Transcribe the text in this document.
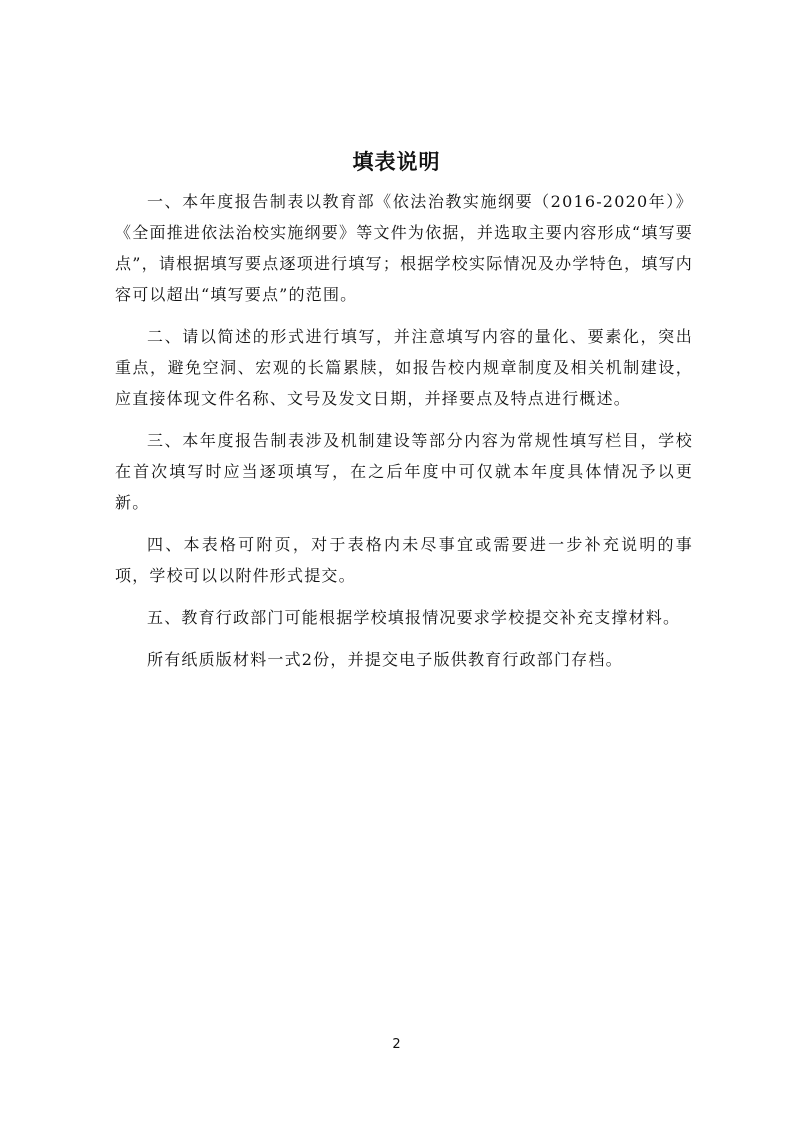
填表说明

一、本年度报告制表以教育部《依法治教实施纲要（2016-2020年）》《全面推进依法治校实施纲要》等文件为依据，并选取主要内容形成“填写要点”，请根据填写要点逐项进行填写；根据学校实际情况及办学特色，填写内容可以超出“填写要点”的范围。

二、请以简述的形式进行填写，并注意填写内容的量化、要素化，突出重点，避免空洞、宏观的长篇累牍，如报告校内规章制度及相关机制建设，应直接体现文件名称、文号及发文日期，并择要点及特点进行概述。

三、本年度报告制表涉及机制建设等部分内容为常规性填写栏目，学校在首次填写时应当逐项填写，在之后年度中可仅就本年度具体情况予以更新。

四、本表格可附页，对于表格内未尽事宜或需要进一步补充说明的事项，学校可以以附件形式提交。

五、教育行政部门可能根据学校填报情况要求学校提交补充支撑材料。

所有纸质版材料一式2份，并提交电子版供教育行政部门存档。

2
